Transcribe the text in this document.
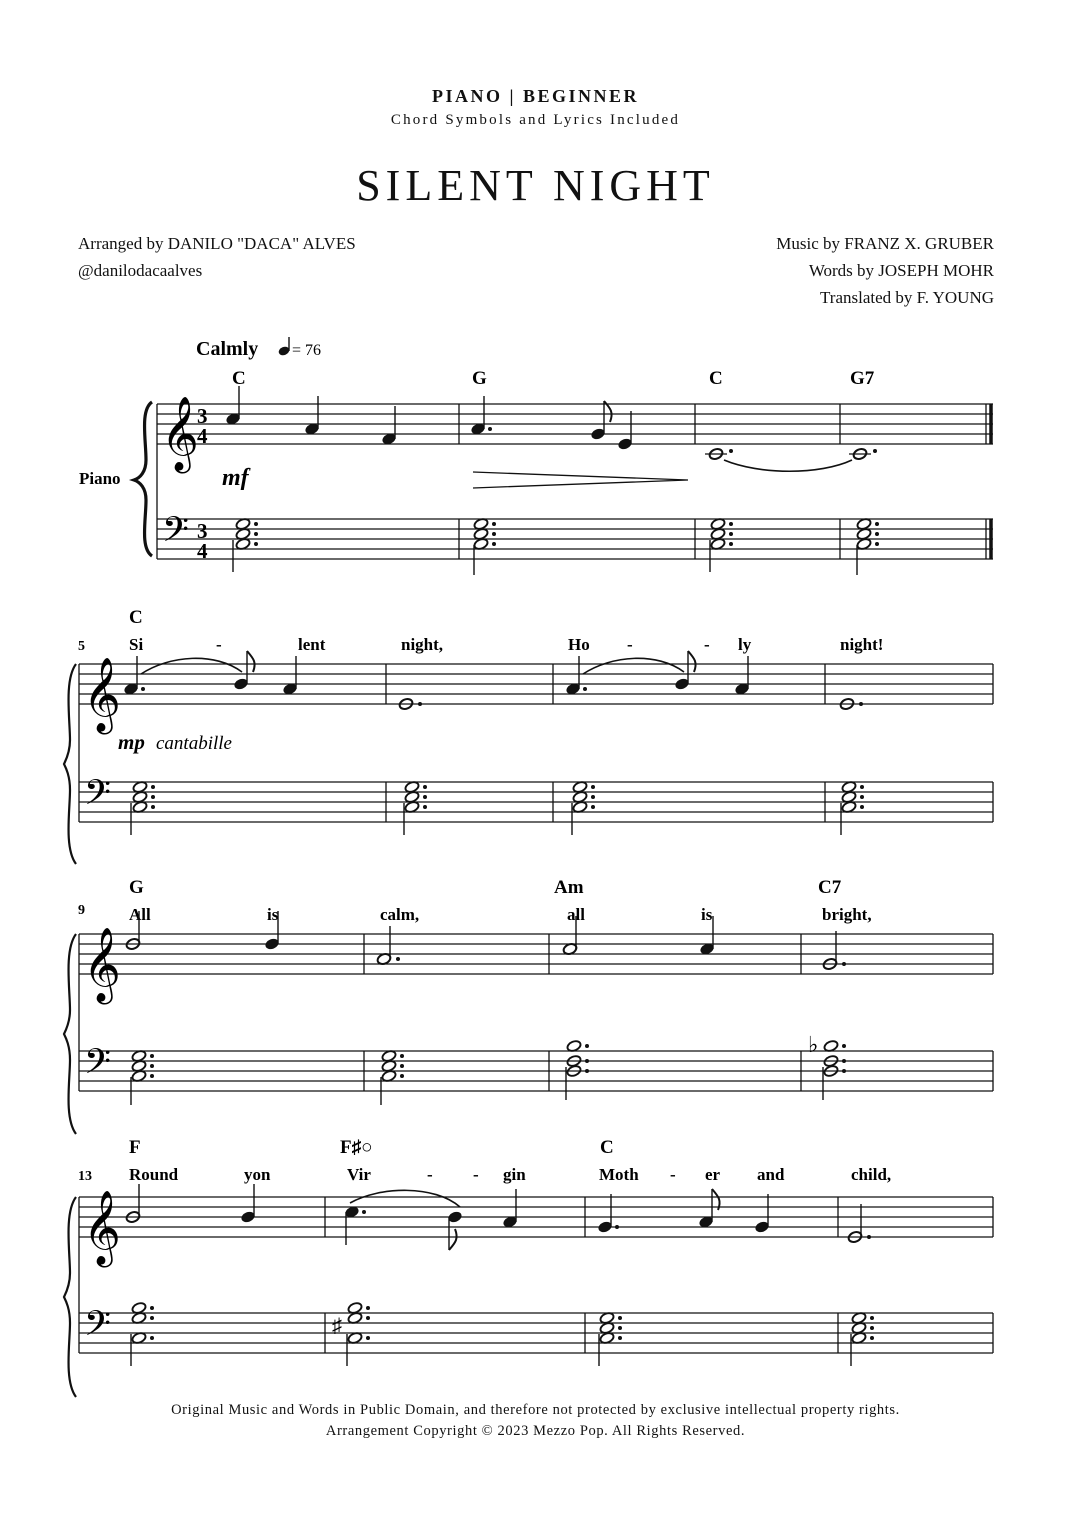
PIANO | BEGINNER
Chord Symbols and Lyrics Included
SILENT NIGHT
Arranged by DANILO "DACA" ALVES
@danilodacaalves
Music by FRANZ X. GRUBER
Words by JOSEPH MOHR
Translated by F. YOUNG
Calmly = 76
C	G	C	G7
Piano
𝄞
𝄢
3
4
3
4
mf
C
5	Si	-	lent	night,	Ho -	- ly	night!
𝄞
𝄢
mp cantabille
G	Am	C7
9	All	is	calm,	all	is	bright,
𝄞
𝄢	♭
F	F♯○	C
13 Round	yon	Vir	- - gin	Moth - er and	child,
𝄞
𝄢	♯
Original Music and Words in Public Domain, and therefore not protected by exclusive intellectual property rights.
Arrangement Copyright © 2023 Mezzo Pop. All Rights Reserved.
